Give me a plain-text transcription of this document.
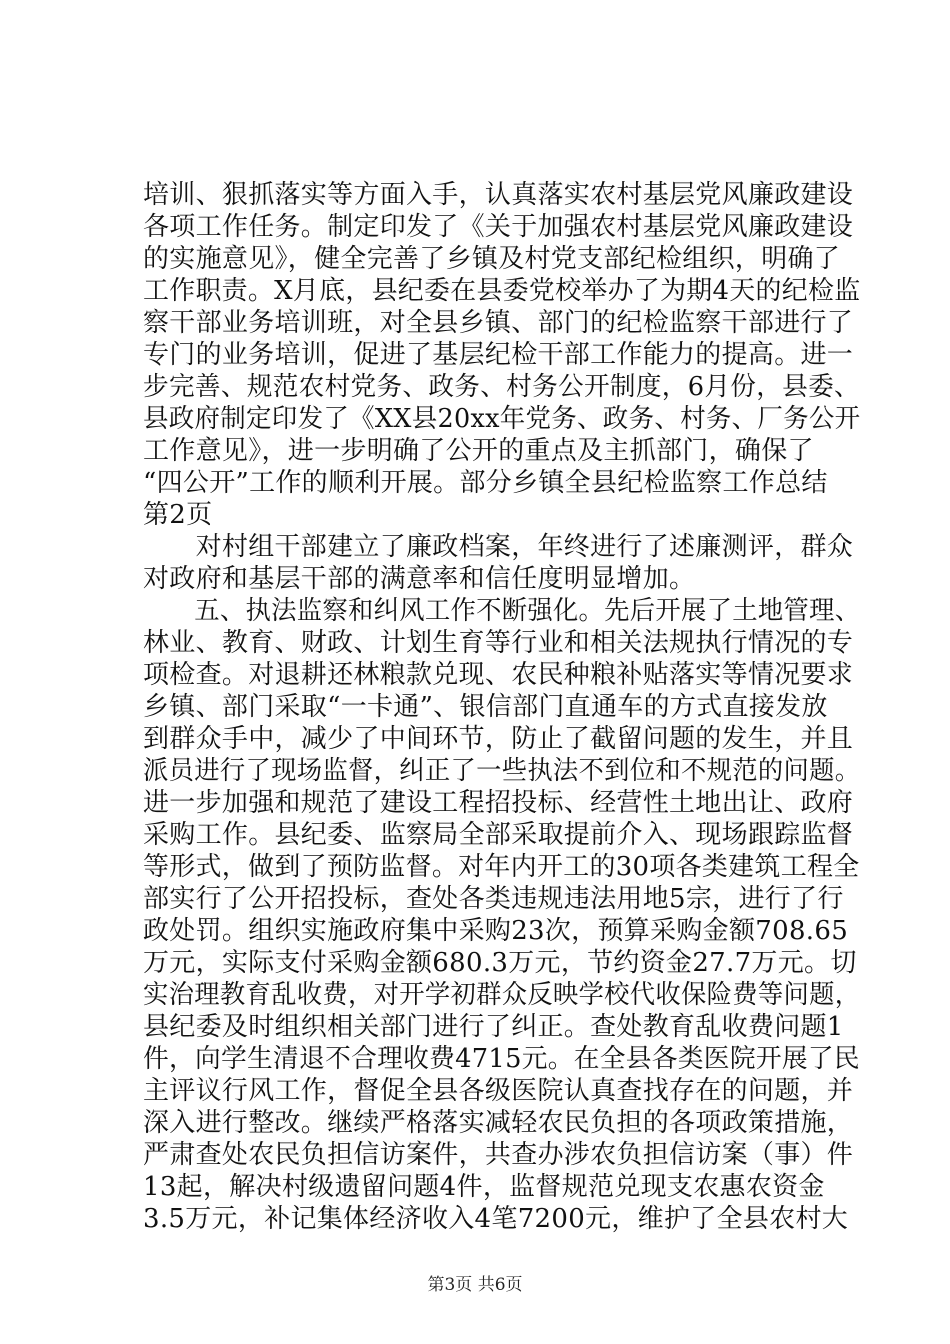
培训、狠抓落实等方面入手，认真落实农村基层党风廉政建设
各项工作任务。制定印发了《关于加强农村基层党风廉政建设
的实施意见》，健全完善了乡镇及村党支部纪检组织，明确了
工作职责。X月底，县纪委在县委党校举办了为期4天的纪检监
察干部业务培训班，对全县乡镇、部门的纪检监察干部进行了
专门的业务培训，促进了基层纪检干部工作能力的提高。进一
步完善、规范农村党务、政务、村务公开制度，6月份，县委、
县政府制定印发了《XX县20xx年党务、政务、村务、厂务公开
工作意见》，进一步明确了公开的重点及主抓部门，确保了
“四公开”工作的顺利开展。部分乡镇全县纪检监察工作总结
第2页
　　对村组干部建立了廉政档案，年终进行了述廉测评，群众
对政府和基层干部的满意率和信任度明显增加。
　　五、执法监察和纠风工作不断强化。先后开展了土地管理、
林业、教育、财政、计划生育等行业和相关法规执行情况的专
项检查。对退耕还林粮款兑现、农民种粮补贴落实等情况要求
乡镇、部门采取“一卡通”、银信部门直通车的方式直接发放
到群众手中，减少了中间环节，防止了截留问题的发生，并且
派员进行了现场监督，纠正了一些执法不到位和不规范的问题。
进一步加强和规范了建设工程招投标、经营性土地出让、政府
采购工作。县纪委、监察局全部采取提前介入、现场跟踪监督
等形式，做到了预防监督。对年内开工的30项各类建筑工程全
部实行了公开招投标，查处各类违规违法用地5宗，进行了行
政处罚。组织实施政府集中采购23次，预算采购金额708.65
万元，实际支付采购金额680.3万元，节约资金27.7万元。切
实治理教育乱收费，对开学初群众反映学校代收保险费等问题，
县纪委及时组织相关部门进行了纠正。查处教育乱收费问题1
件，向学生清退不合理收费4715元。在全县各类医院开展了民
主评议行风工作，督促全县各级医院认真查找存在的问题，并
深入进行整改。继续严格落实减轻农民负担的各项政策措施，
严肃查处农民负担信访案件，共查办涉农负担信访案（事）件
13起，解决村级遗留问题4件，监督规范兑现支农惠农资金
3.5万元，补记集体经济收入4笔7200元，维护了全县农村大
第3页 共6页
